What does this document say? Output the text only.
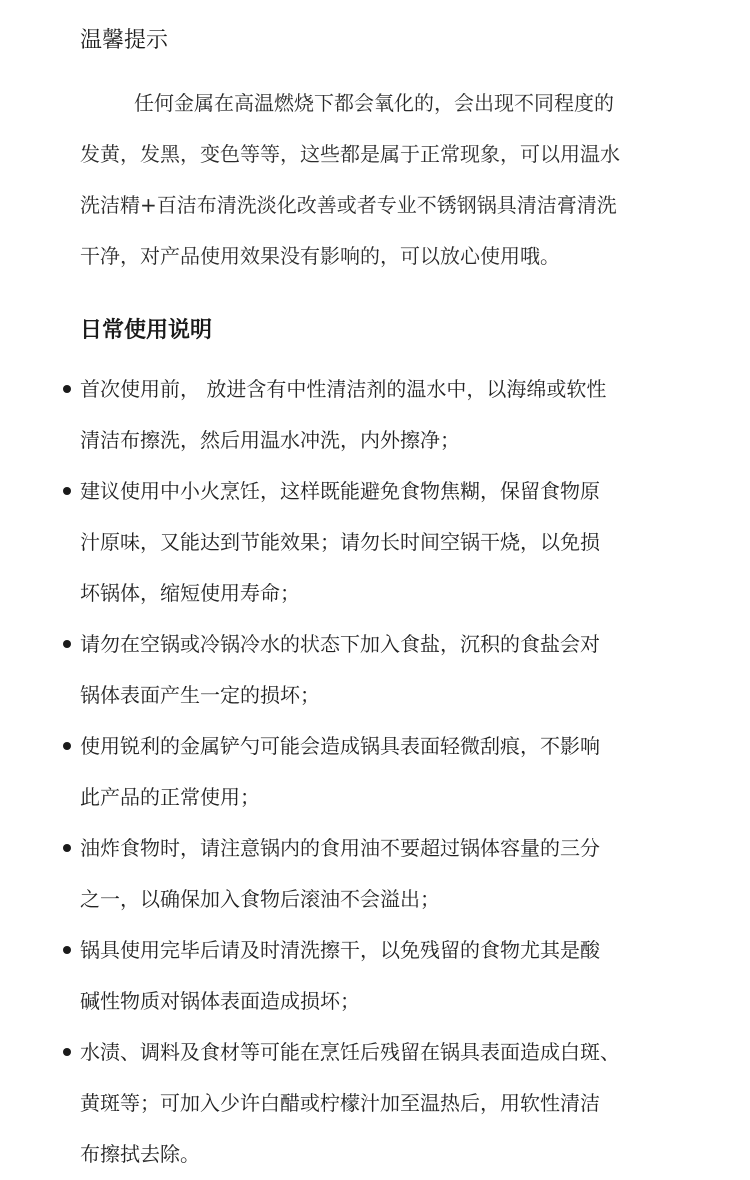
温馨提示
任何金属在高温燃烧下都会氧化的，会出现不同程度的
发黄，发黑，变色等等，这些都是属于正常现象，可以用温水
洗洁精+百洁布清洗淡化改善或者专业不锈钢锅具清洁膏清洗
干净，对产品使用效果没有影响的，可以放心使用哦。
日常使用说明
首次使用前， 放进含有中性清洁剂的温水中，以海绵或软性
清洁布擦洗，然后用温水冲洗，内外擦净；
建议使用中小火烹饪，这样既能避免食物焦糊，保留食物原
汁原味，又能达到节能效果；请勿长时间空锅干烧，以免损
坏锅体，缩短使用寿命；
请勿在空锅或冷锅冷水的状态下加入食盐，沉积的食盐会对
锅体表面产生一定的损坏；
使用锐利的金属铲勺可能会造成锅具表面轻微刮痕，不影响
此产品的正常使用；
油炸食物时，请注意锅内的食用油不要超过锅体容量的三分
之一，以确保加入食物后滚油不会溢出；
锅具使用完毕后请及时清洗擦干，以免残留的食物尤其是酸
碱性物质对锅体表面造成损坏；
水渍、调料及食材等可能在烹饪后残留在锅具表面造成白斑、
黄斑等；可加入少许白醋或柠檬汁加至温热后，用软性清洁
布擦拭去除。
